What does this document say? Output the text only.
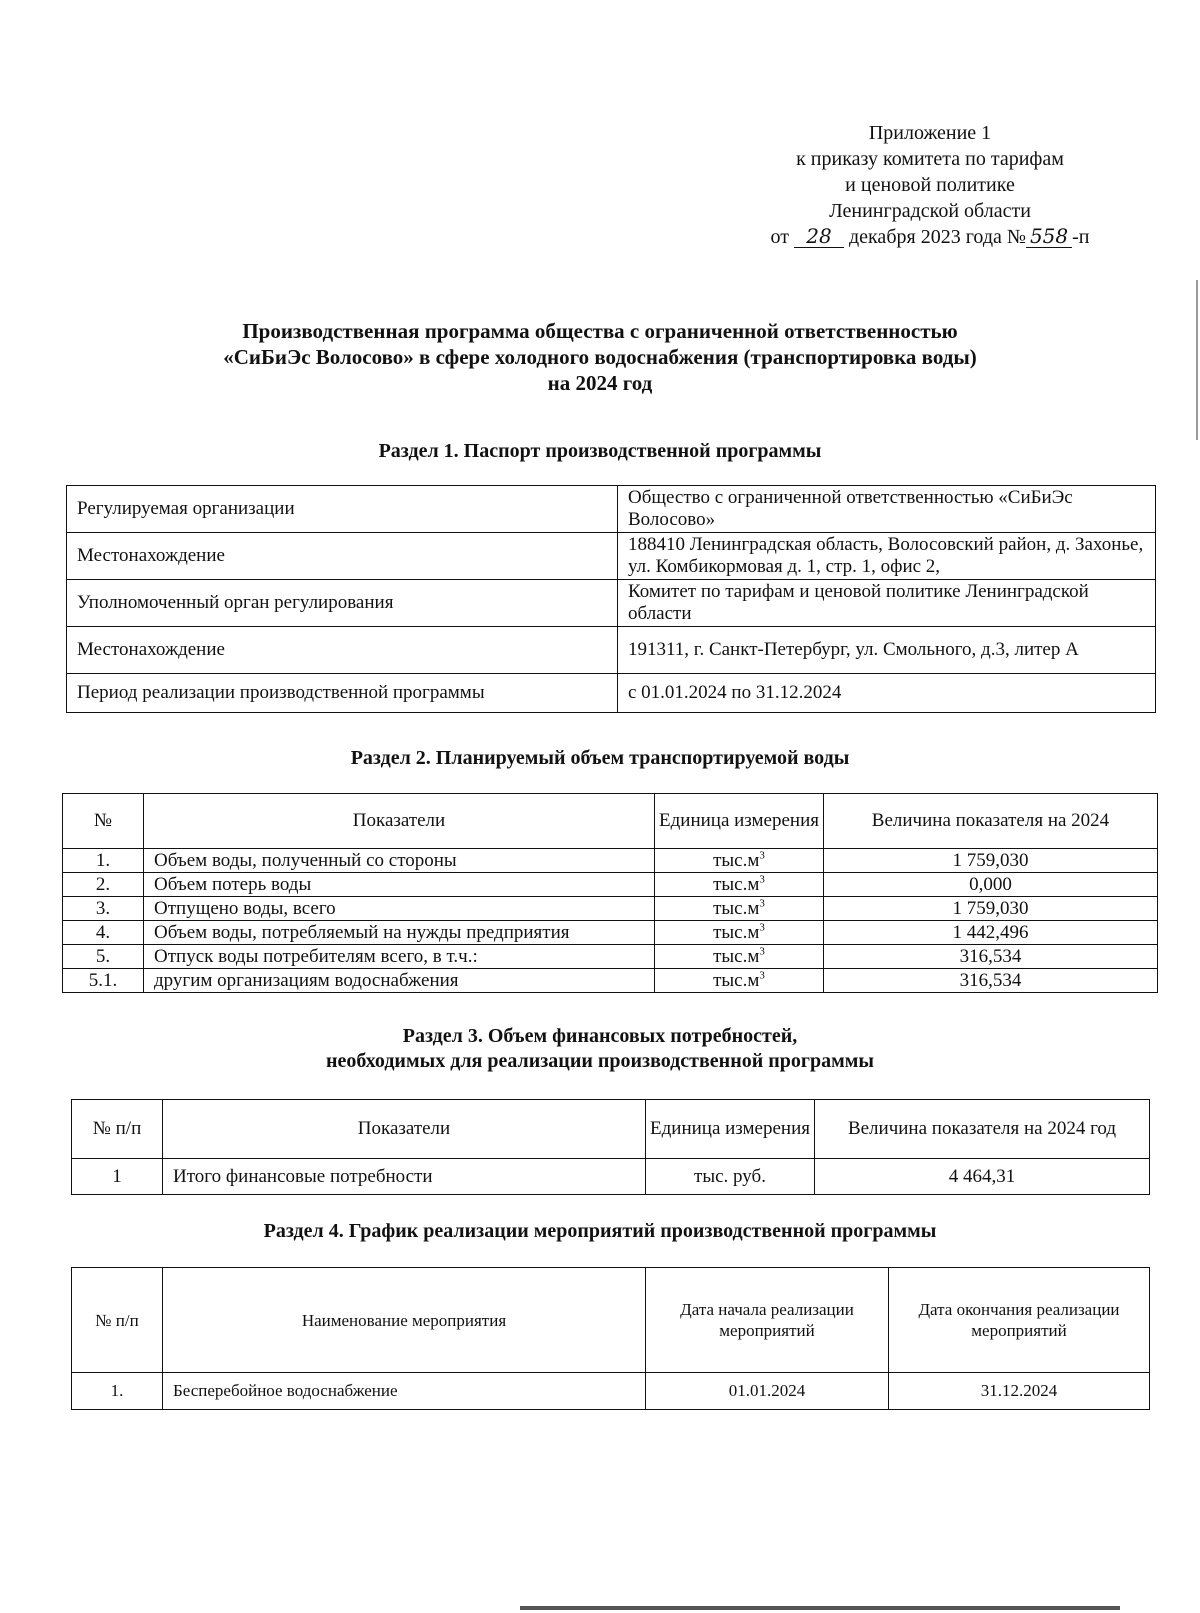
Приложение 1
к приказу комитета по тарифам
и ценовой политике
Ленинградской области
от 28 декабря 2023 года № 558 -п
Производственная программа общества с ограниченной ответственностью
«СиБиЭс Волосово» в сфере холодного водоснабжения (транспортировка воды)
на 2024 год
Раздел 1. Паспорт производственной программы
Регулируемая организации	Общество с ограниченной ответственностью «СиБиЭс Волосово»
Местонахождение	188410 Ленинградская область, Волосовский район, д. Захонье, ул. Комбикормовая д. 1, стр. 1, офис 2,
Уполномоченный орган регулирования	Комитет по тарифам и ценовой политике Ленинградской области
Местонахождение	191311, г. Санкт-Петербург, ул. Смольного, д.3, литер А
Период реализации производственной программы	с 01.01.2024 по 31.12.2024
Раздел 2. Планируемый объем транспортируемой воды
№	Показатели	Единица измерения	Величина показателя на 2024
1.	Объем воды, полученный со стороны	$тыс.м^3$	1 759,030
2.	Объем потерь воды	$тыс.м^3$	0,000
3.	Отпущено воды, всего	$тыс.м^3$	1 759,030
4.	Объем воды, потребляемый на нужды предприятия	$тыс.м^3$	1 442,496
5.	Отпуск воды потребителям всего, в т.ч.:	$тыс.м^3$	316,534
5.1.	другим организациям водоснабжения	$тыс.м^3$	316,534
Раздел 3. Объем финансовых потребностей,
необходимых для реализации производственной программы
№ п/п	Показатели	Единица измерения	Величина показателя на 2024 год
1	Итого финансовые потребности	тыс. руб.	4 464,31
Раздел 4. График реализации мероприятий производственной программы
№ п/п	Наименование мероприятия	Дата начала реализации мероприятий	Дата окончания реализации мероприятий
1.	Бесперебойное водоснабжение	01.01.2024	31.12.2024
